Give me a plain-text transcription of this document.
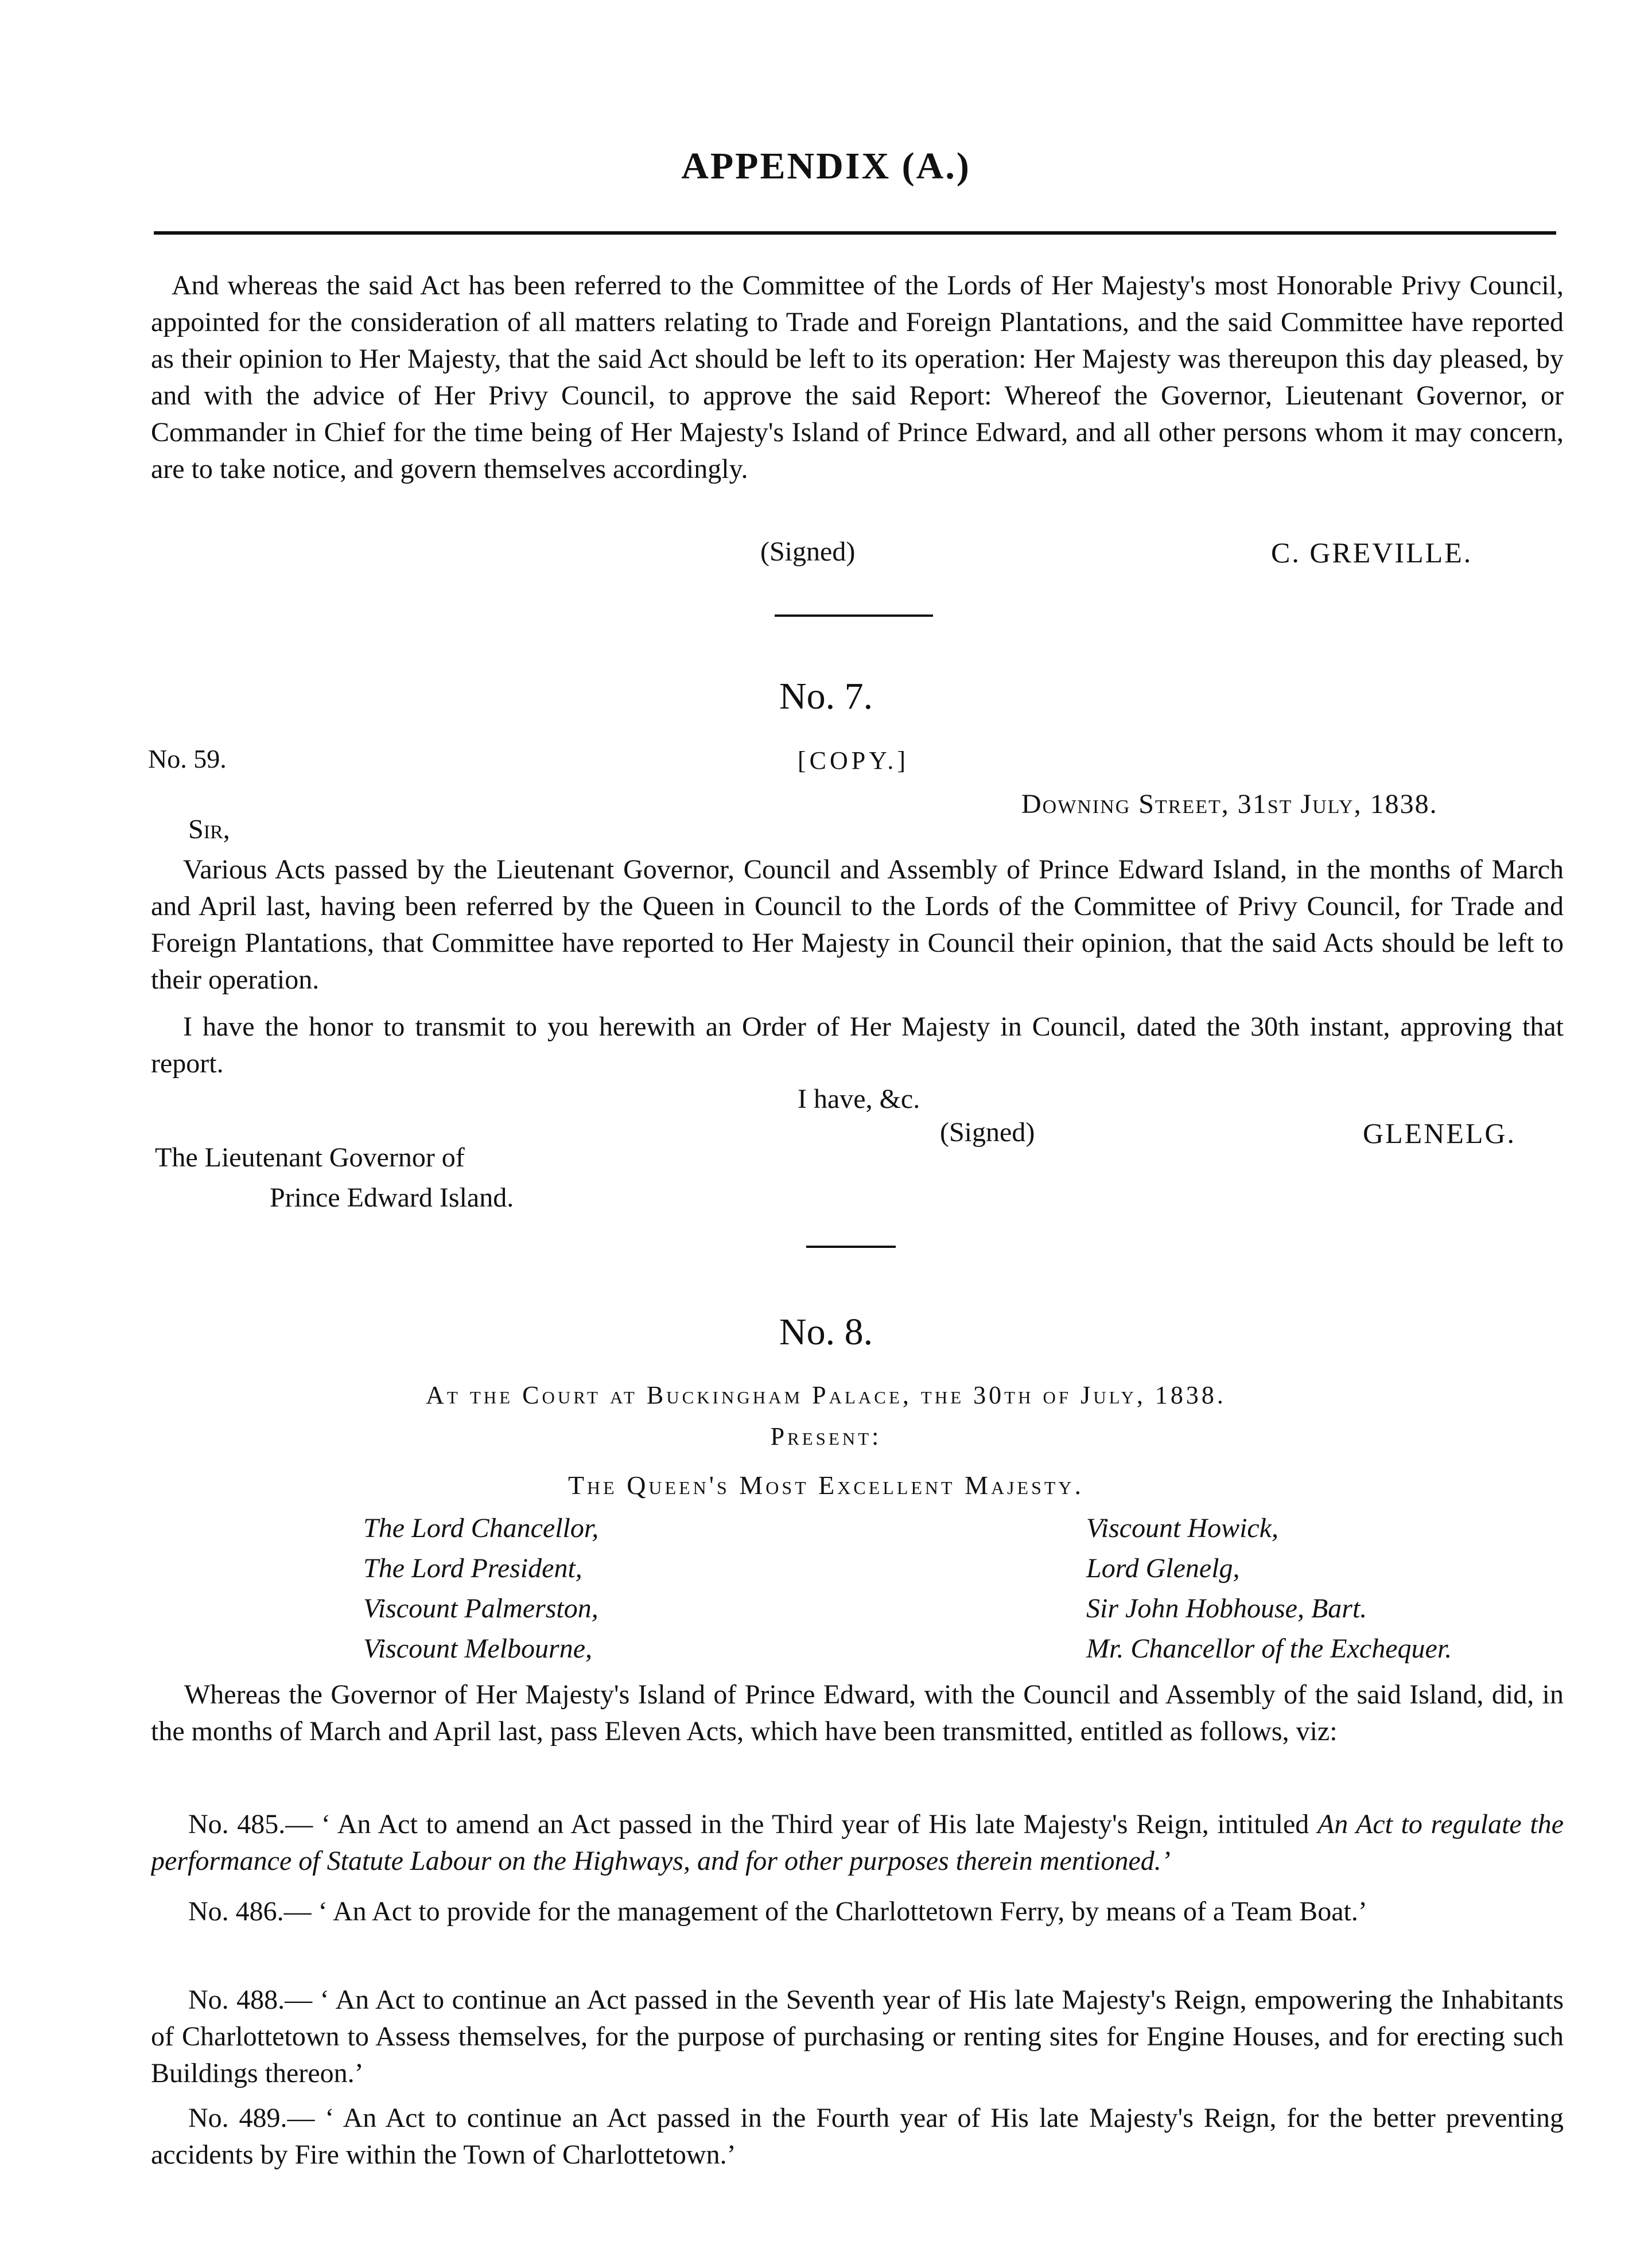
APPENDIX (A.)
And whereas the said Act has been referred to the Committee of the Lords of Her Majesty's most Honorable Privy Council, appointed for the consideration of all matters relating to Trade and Foreign Plantations, and the said Committee have reported as their opinion to Her Majesty, that the said Act should be left to its operation: Her Majesty was thereupon this day pleased, by and with the advice of Her Privy Council, to approve the said Report: Whereof the Governor, Lieutenant Governor, or Commander in Chief for the time being of Her Majesty's Island of Prince Edward, and all other persons whom it may concern, are to take notice, and govern themselves accordingly.
(Signed)	C. GREVILLE.
No. 7.
No. 59.	[COPY.]
Downing Street, 31st July, 1838.
Sir,
Various Acts passed by the Lieutenant Governor, Council and Assembly of Prince Edward Island, in the months of March and April last, having been referred by the Queen in Council to the Lords of the Committee of Privy Council, for Trade and Foreign Plantations, that Committee have reported to Her Majesty in Council their opinion, that the said Acts should be left to their operation.
I have the honor to transmit to you herewith an Order of Her Majesty in Council, dated the 30th instant, approving that report.
I have, &c.
(Signed)	GLENELG.
The Lieutenant Governor of
Prince Edward Island.
No. 8.
At the Court at Buckingham Palace, the 30th of July, 1838.
Present:
The Queen's Most Excellent Majesty.
The Lord Chancellor,
The Lord President,
Viscount Palmerston,
Viscount Melbourne,
Viscount Howick,
Lord Glenelg,
Sir John Hobhouse, Bart.
Mr. Chancellor of the Exchequer.
Whereas the Governor of Her Majesty's Island of Prince Edward, with the Council and Assembly of the said Island, did, in the months of March and April last, pass Eleven Acts, which have been transmitted, entitled as follows, viz:
No. 485.— ‘ An Act to amend an Act passed in the Third year of His late Majesty's Reign, intituled An Act to regulate the performance of Statute Labour on the Highways, and for other purposes therein mentioned.’
No. 486.— ‘ An Act to provide for the management of the Charlottetown Ferry, by means of a Team Boat.’
No. 488.— ‘ An Act to continue an Act passed in the Seventh year of His late Majesty's Reign, empowering the Inhabitants of Charlottetown to Assess themselves, for the purpose of purchasing or renting sites for Engine Houses, and for erecting such Buildings thereon.’
No. 489.— ‘ An Act to continue an Act passed in the Fourth year of His late Majesty's Reign, for the better preventing accidents by Fire within the Town of Charlottetown.’
